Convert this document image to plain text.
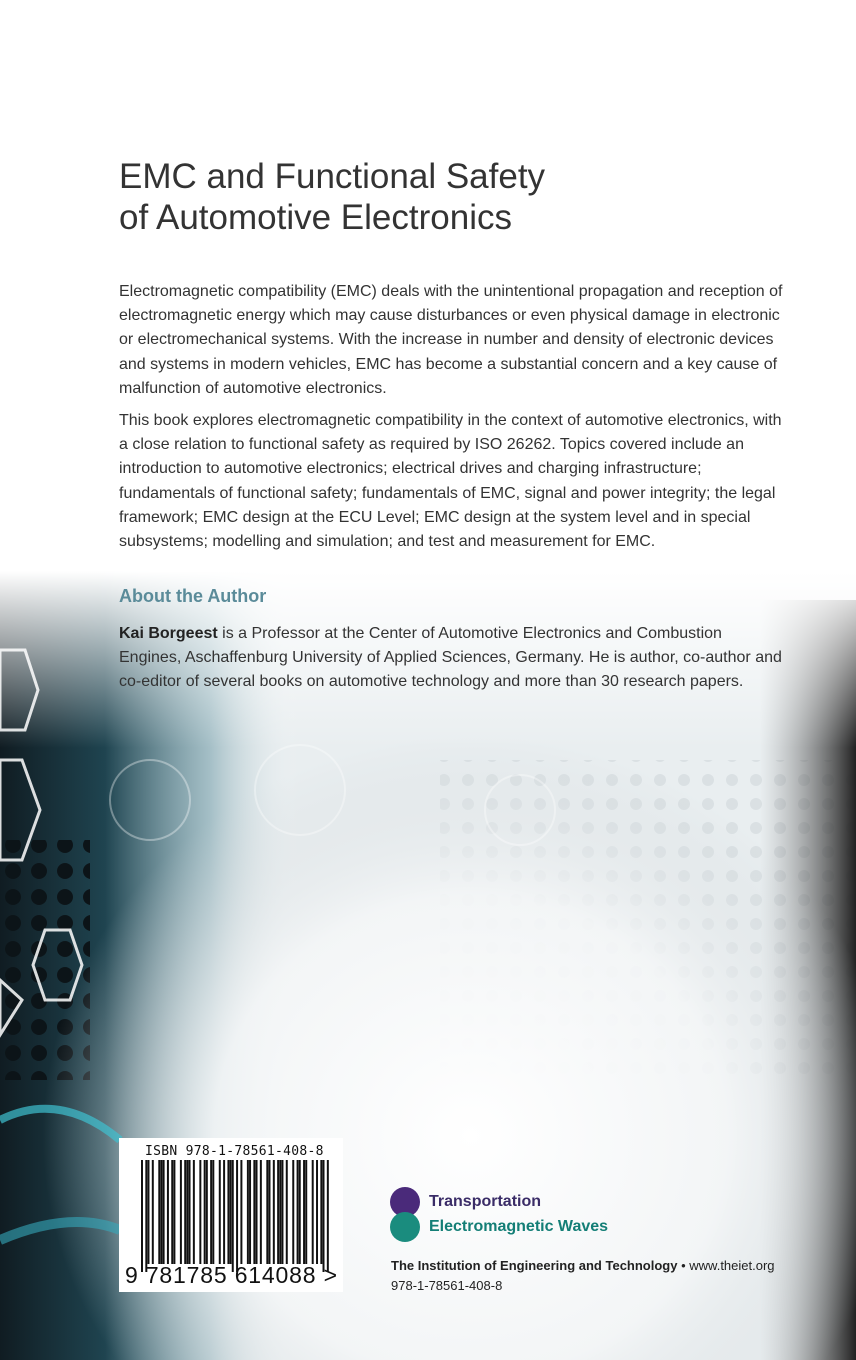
EMC and Functional Safety
of Automotive Electronics

Electromagnetic compatibility (EMC) deals with the unintentional propagation and reception of electromagnetic energy which may cause disturbances or even physical damage in electronic or electromechanical systems. With the increase in number and density of electronic devices and systems in modern vehicles, EMC has become a substantial concern and a key cause of malfunction of automotive electronics.

This book explores electromagnetic compatibility in the context of automotive electronics, with a close relation to functional safety as required by ISO 26262. Topics covered include an introduction to automotive electronics; electrical drives and charging infrastructure; fundamentals of functional safety; fundamentals of EMC, signal and power integrity; the legal framework; EMC design at the ECU Level; EMC design at the system level and in special subsystems; modelling and simulation; and test and measurement for EMC.

About the Author

Kai Borgeest is a Professor at the Center of Automotive Electronics and Combustion Engines, Aschaffenburg University of Applied Sciences, Germany. He is author, co-author and co-editor of several books on automotive technology and more than 30 research papers.

ISBN 978-1-78561-408-8

9 781785 614088 >
Transportation
Electromagnetic Waves

The Institution of Engineering and Technology • www.theiet.org

978-1-78561-408-8
